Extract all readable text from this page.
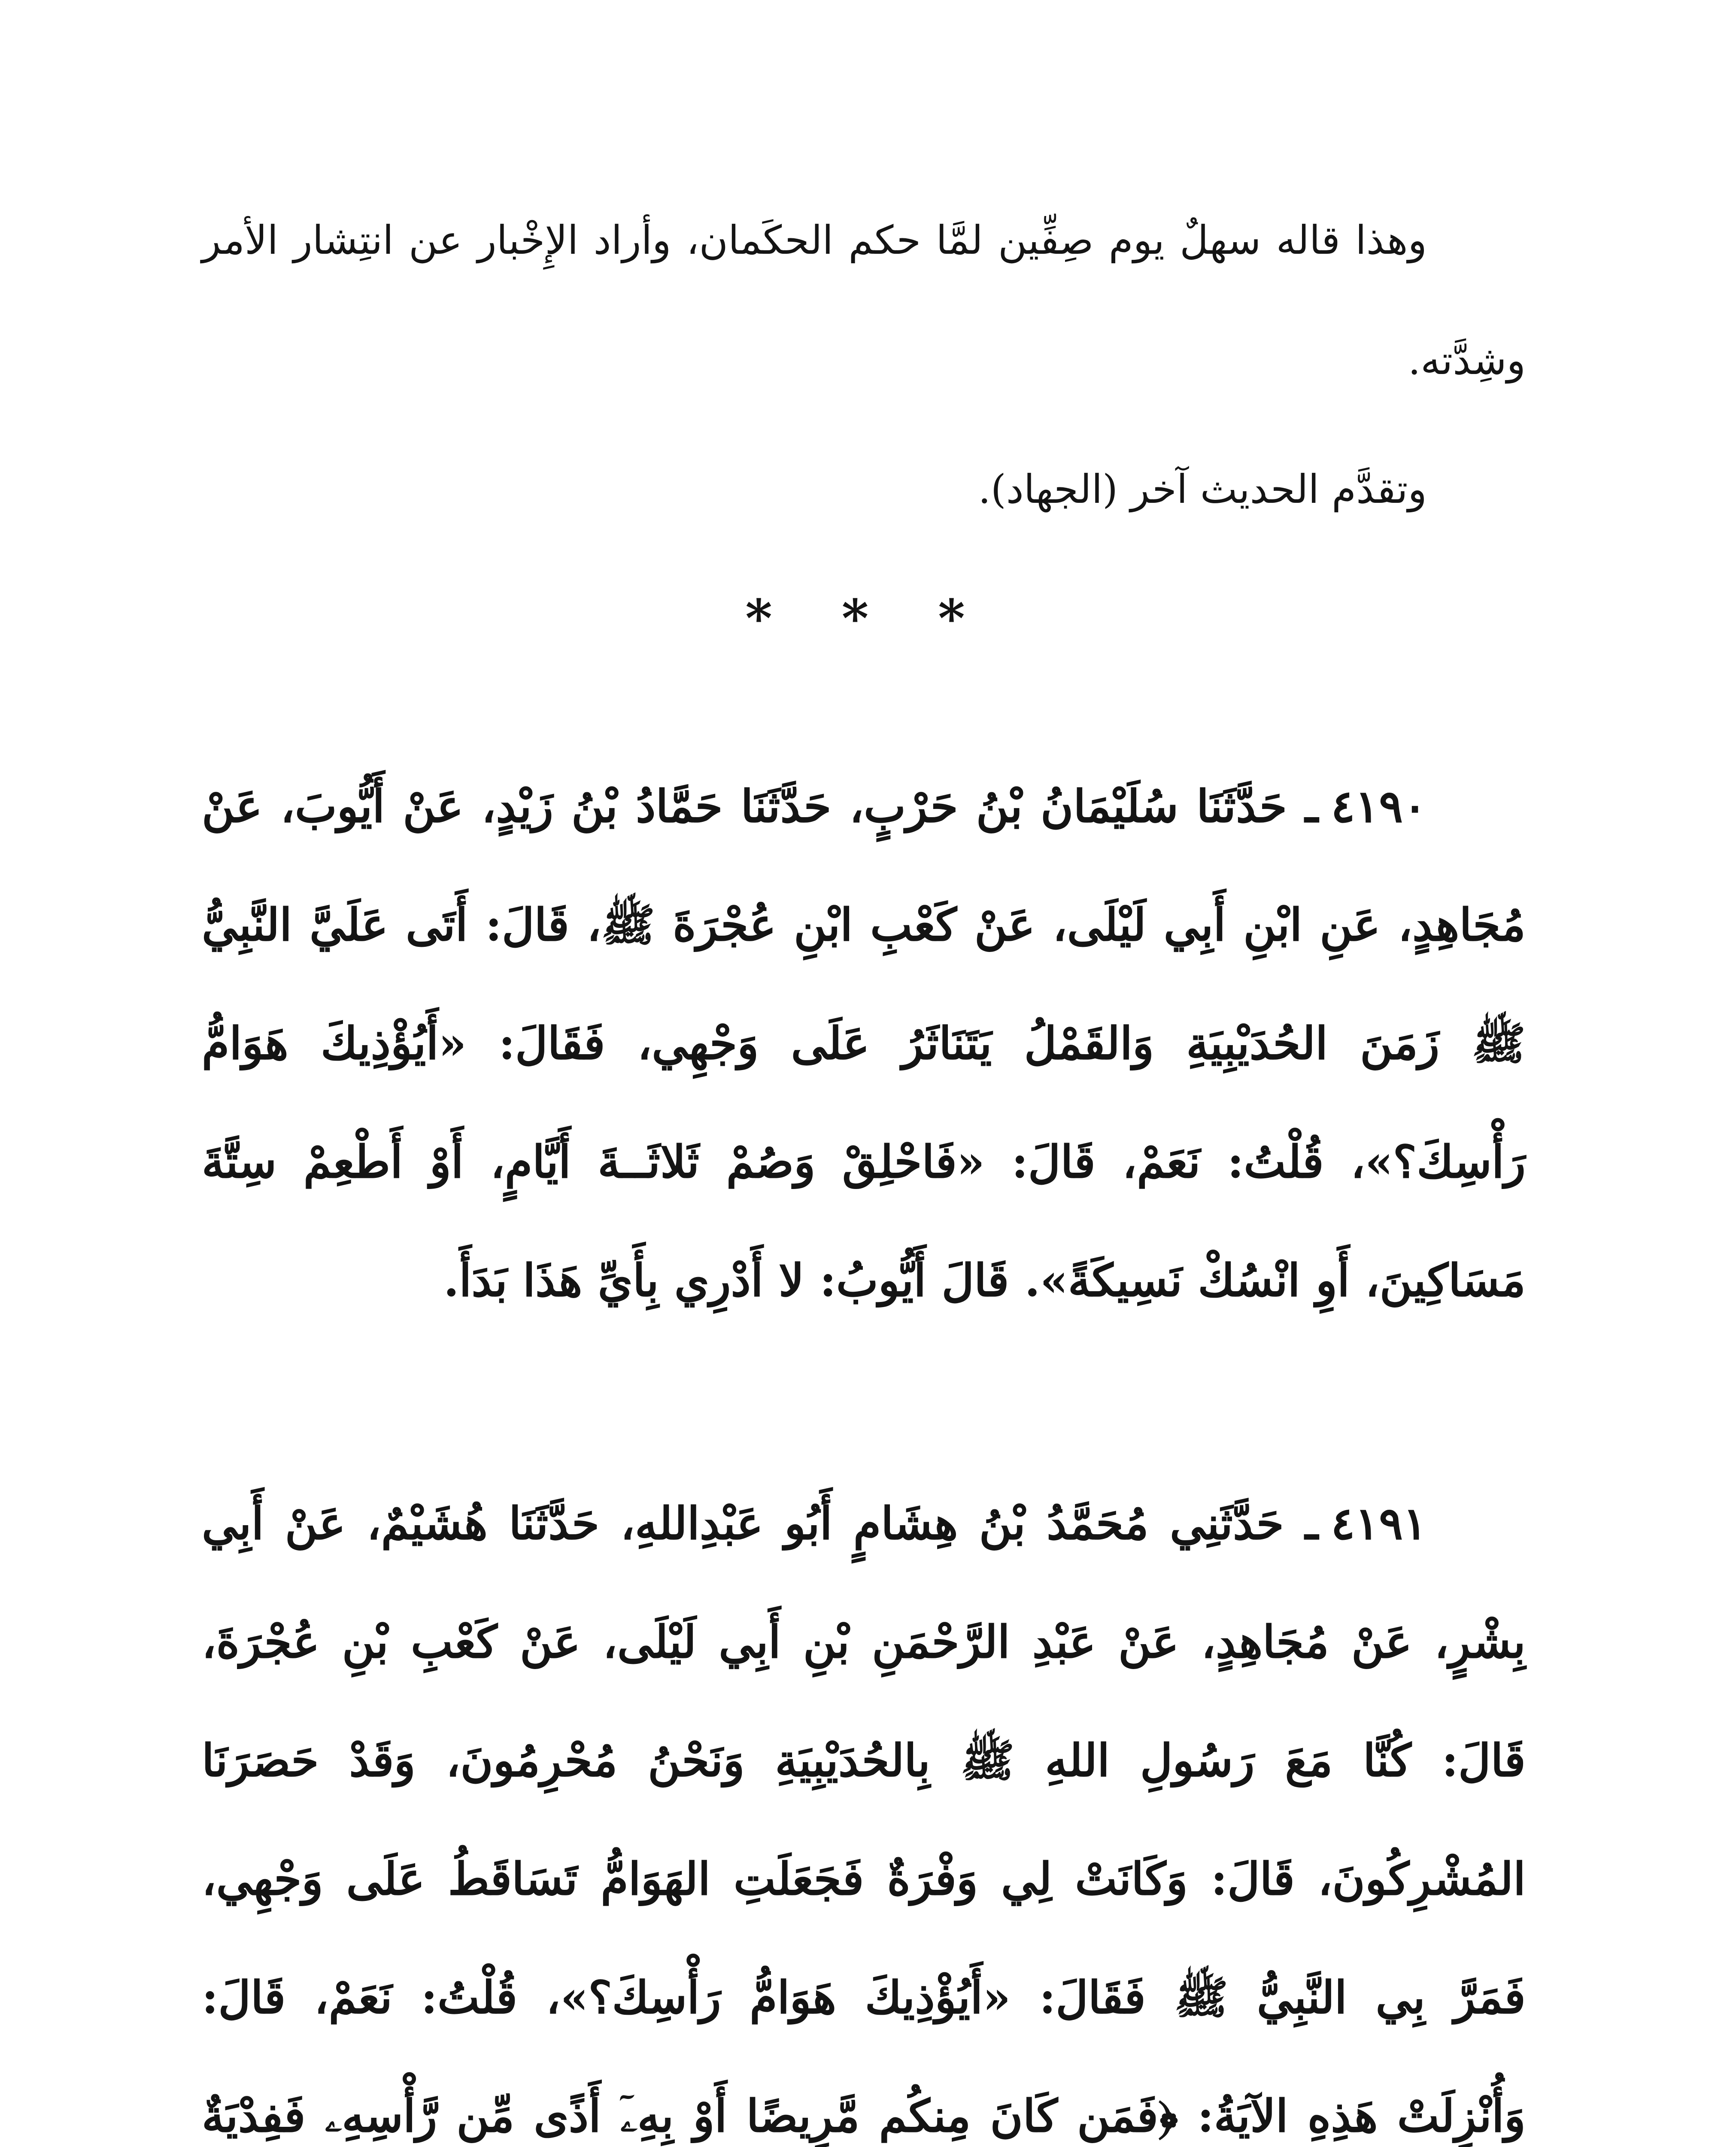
وهذا قاله سهلٌ يوم صِفِّين لمَّا حكم الحكَمان، وأراد الإِخْبار عن انتِشار الأمر وشِدَّته.

وتقدَّم الحديث آخر (الجهاد).

* * *

٤١٩٠ـ حَدَّثَنَا سُلَيْمَانُ بْنُ حَرْبٍ، حَدَّثَنَا حَمَّادُ بْنُ زَيْدٍ، عَنْ أَيُّوبَ، عَنْ مُجَاهِدٍ، عَنِ ابْنِ أَبِي لَيْلَى، عَنْ كَعْبِ ابْنِ عُجْرَةَ ﷺ، قَالَ: أَتَى عَلَيَّ النَّبِيُّ ﷺ زَمَنَ الحُدَيْبِيَةِ وَالقَمْلُ يَتَنَاثَرُ عَلَى وَجْهِي، فَقَالَ: «أَيُؤْذِيكَ هَوَامُّ رَأْسِكَ؟»، قُلْتُ: نَعَمْ، قَالَ: «فَاحْلِقْ وَصُمْ ثَلاثَــةَ أَيَّامٍ، أَوْ أَطْعِمْ سِتَّةَ مَسَاكِينَ، أَوِ انْسُكْ نَسِيكَةً». قَالَ أَيُّوبُ: لا أَدْرِي بِأَيِّ هَذَا بَدَأَ.

٤١٩١ـ حَدَّثَنِي مُحَمَّدُ بْنُ هِشَامٍ أَبُو عَبْدِاللهِ، حَدَّثَنَا هُشَيْمٌ، عَنْ أَبِي بِشْرٍ، عَنْ مُجَاهِدٍ، عَنْ عَبْدِ الرَّحْمَنِ بْنِ أَبِي لَيْلَى، عَنْ كَعْبِ بْنِ عُجْرَةَ، قَالَ: كُنَّا مَعَ رَسُولِ اللهِ ﷺ بِالحُدَيْبِيَةِ وَنَحْنُ مُحْرِمُونَ، وَقَدْ حَصَرَنَا المُشْرِكُونَ، قَالَ: وَكَانَتْ لِي وَفْرَةٌ فَجَعَلَتِ الهَوَامُّ تَسَاقَطُ عَلَى وَجْهِي، فَمَرَّ بِي النَّبِيُّ ﷺ فَقَالَ: «أَيُؤْذِيكَ هَوَامُّ رَأْسِكَ؟»، قُلْتُ: نَعَمْ، قَالَ: وَأُنْزِلَتْ هَذِهِ الآيَةُ: ﴿فَمَن كَانَ مِنكُم مَّرِيضًا أَوْ بِهِۦٓ أَذًى مِّن رَّأْسِهِۦ فَفِدْيَةٌ
